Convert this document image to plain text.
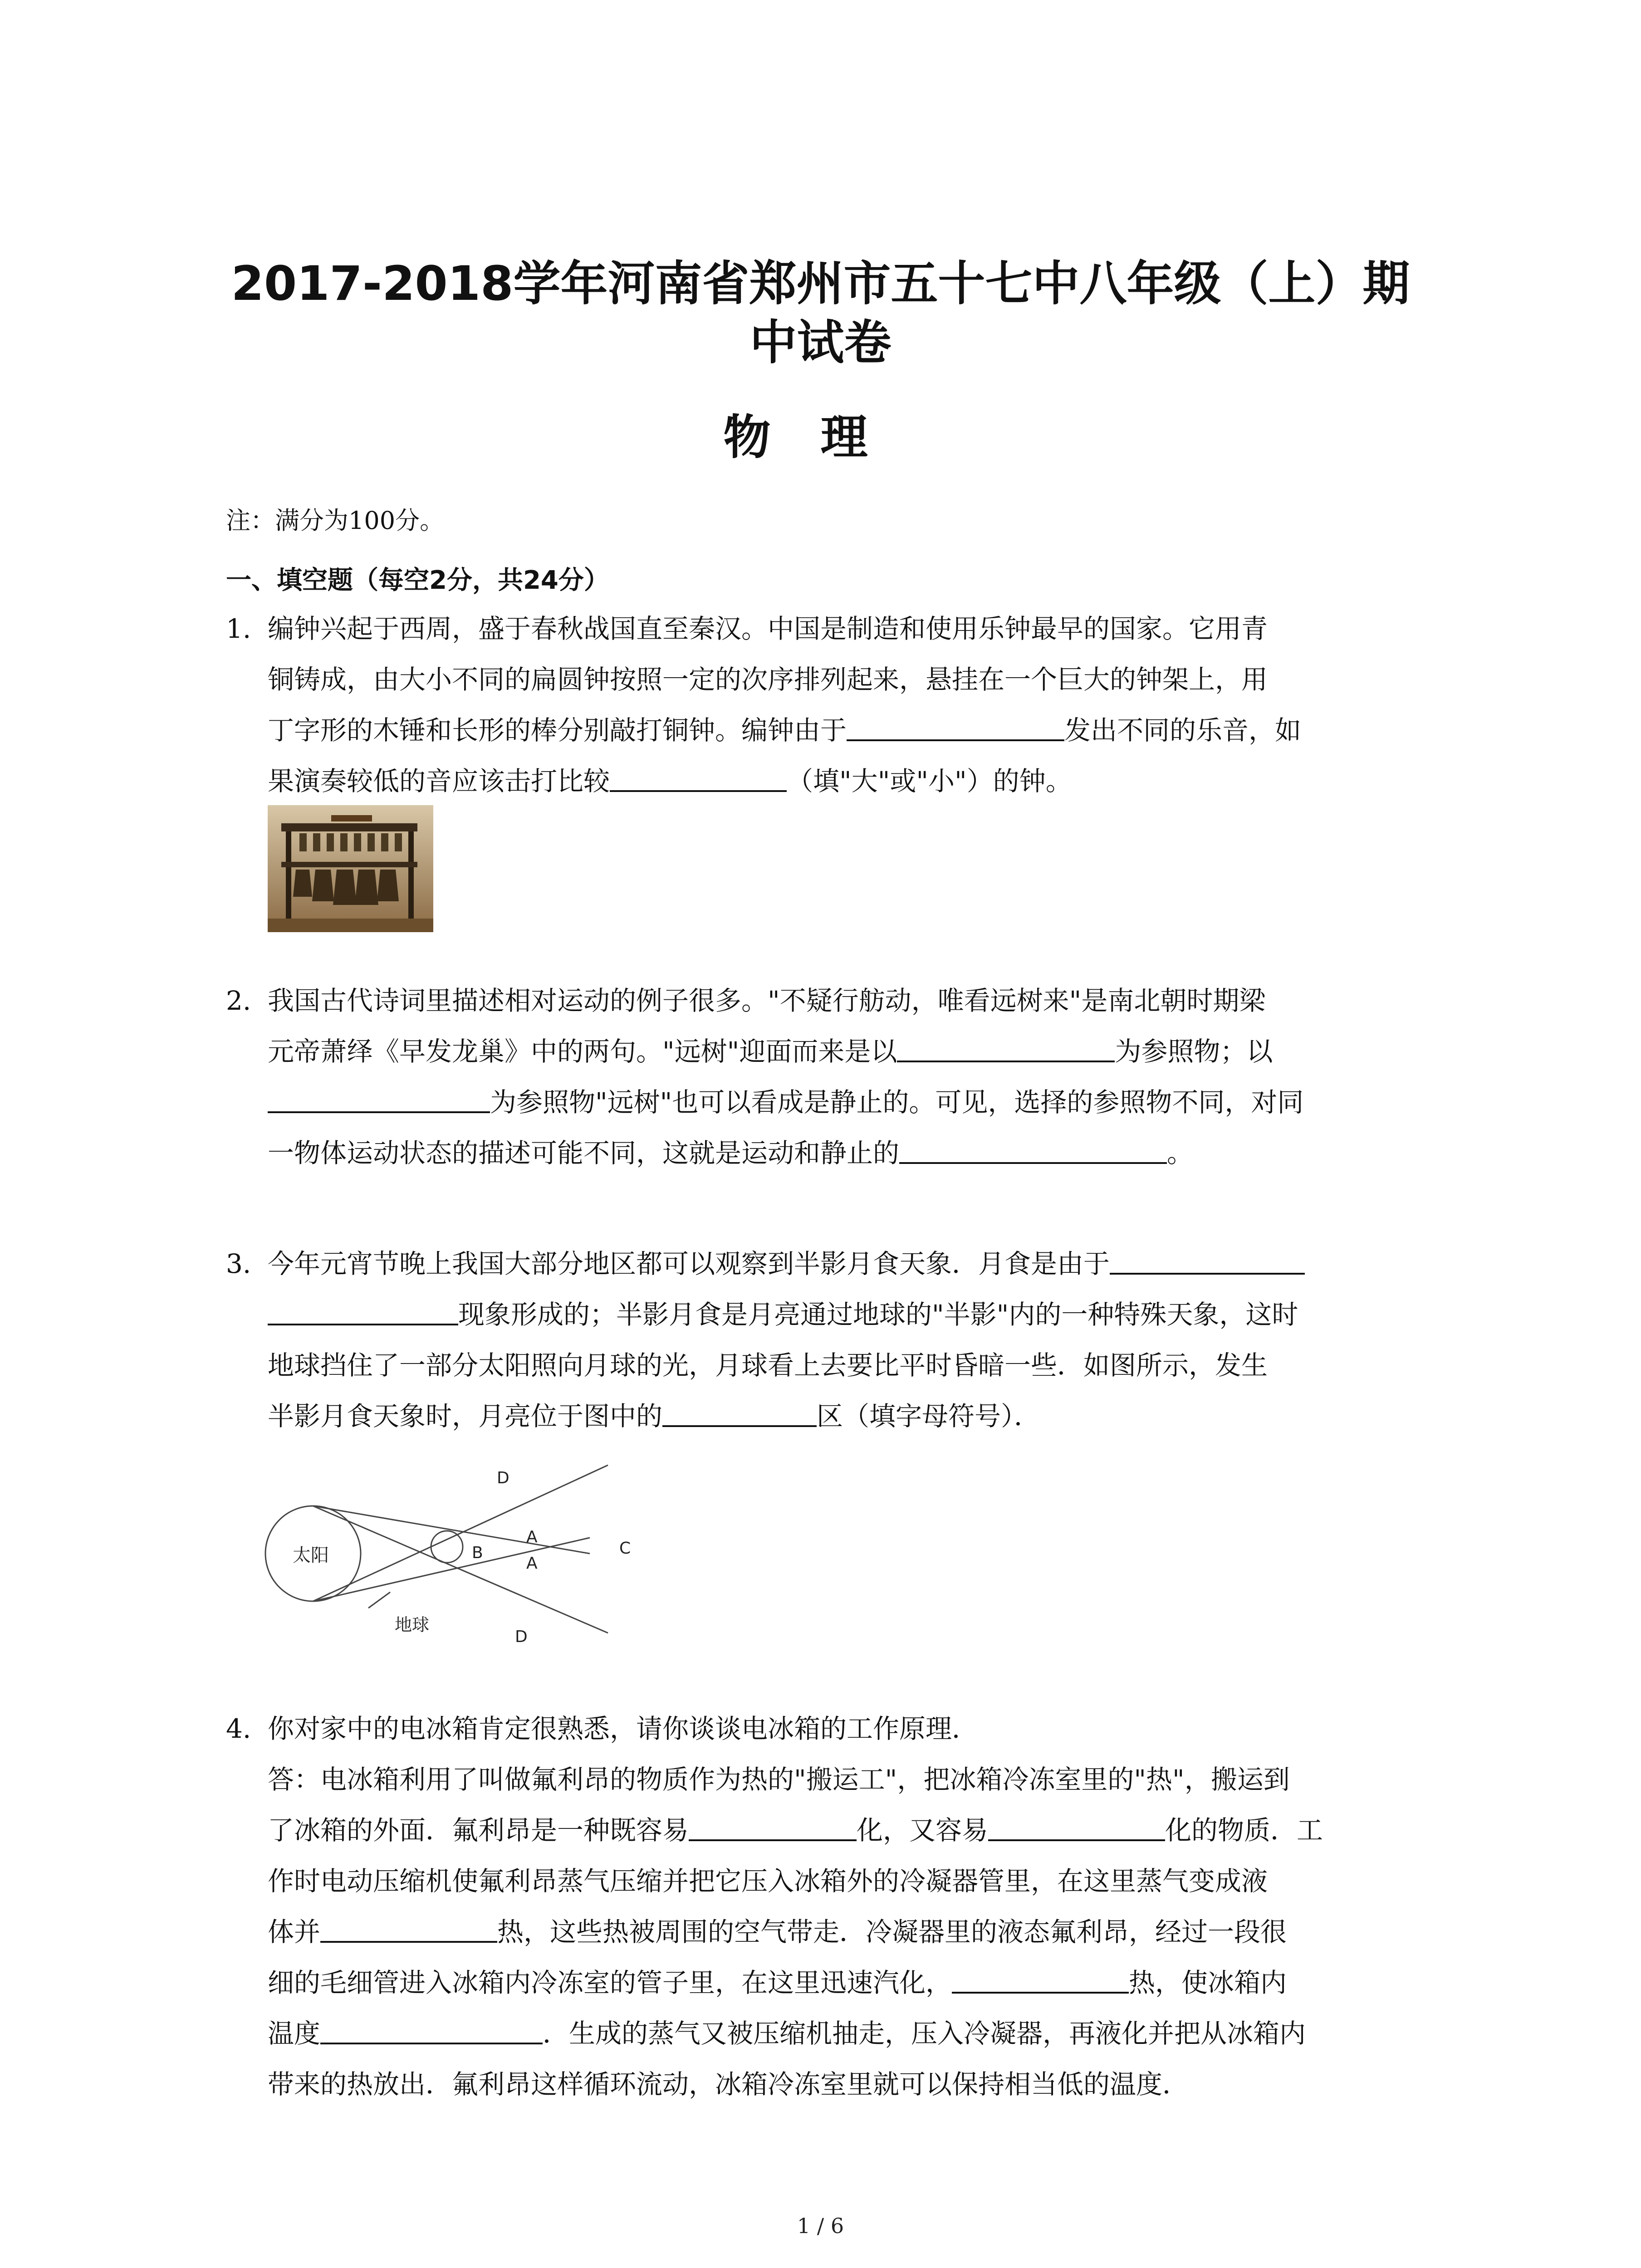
2017-2018学年河南省郑州市五十七中八年级（上）期
中试卷
物理
注：满分为100分。
一、填空题（每空2分，共24分）
1. 编钟兴起于西周，盛于春秋战国直至秦汉。中国是制造和使用乐钟最早的国家。它用青
铜铸成，由大小不同的扁圆钟按照一定的次序排列起来，悬挂在一个巨大的钟架上，用
丁字形的木锤和长形的棒分别敲打铜钟。编钟由于	发出不同的乐音，如
果演奏较低的音应该击打比较	（填"大"或"小"）的钟。
2. 我国古代诗词里描述相对运动的例子很多。"不疑行舫动，唯看远树来"是南北朝时期梁
元帝萧绎《早发龙巢》中的两句。"远树"迎面而来是以	为参照物；以
为参照物"远树"也可以看成是静止的。可见，选择的参照物不同，对同
一物体运动状态的描述可能不同，这就是运动和静止的	。
3. 今年元宵节晚上我国大部分地区都可以观察到半影月食天象．月食是由于
现象形成的；半影月食是月亮通过地球的"半影"内的一种特殊天象，这时
地球挡住了一部分太阳照向月球的光，月球看上去要比平时昏暗一些．如图所示，发生
半影月食天象时，月亮位于图中的	区（填字母符号）．
太阳
地球
D
A
B
A
C
D
4. 你对家中的电冰箱肯定很熟悉，请你谈谈电冰箱的工作原理．
答：电冰箱利用了叫做氟利昂的物质作为热的"搬运工"，把冰箱冷冻室里的"热"，搬运到
了冰箱的外面．氟利昂是一种既容易	化，又容易	化的物质．工
作时电动压缩机使氟利昂蒸气压缩并把它压入冰箱外的冷凝器管里，在这里蒸气变成液
体并	热，这些热被周围的空气带走．冷凝器里的液态氟利昂，经过一段很
细的毛细管进入冰箱内冷冻室的管子里，在这里迅速汽化，	热，使冰箱内
温度	．生成的蒸气又被压缩机抽走，压入冷凝器，再液化并把从冰箱内
带来的热放出．氟利昂这样循环流动，冰箱冷冻室里就可以保持相当低的温度．
1 / 6
